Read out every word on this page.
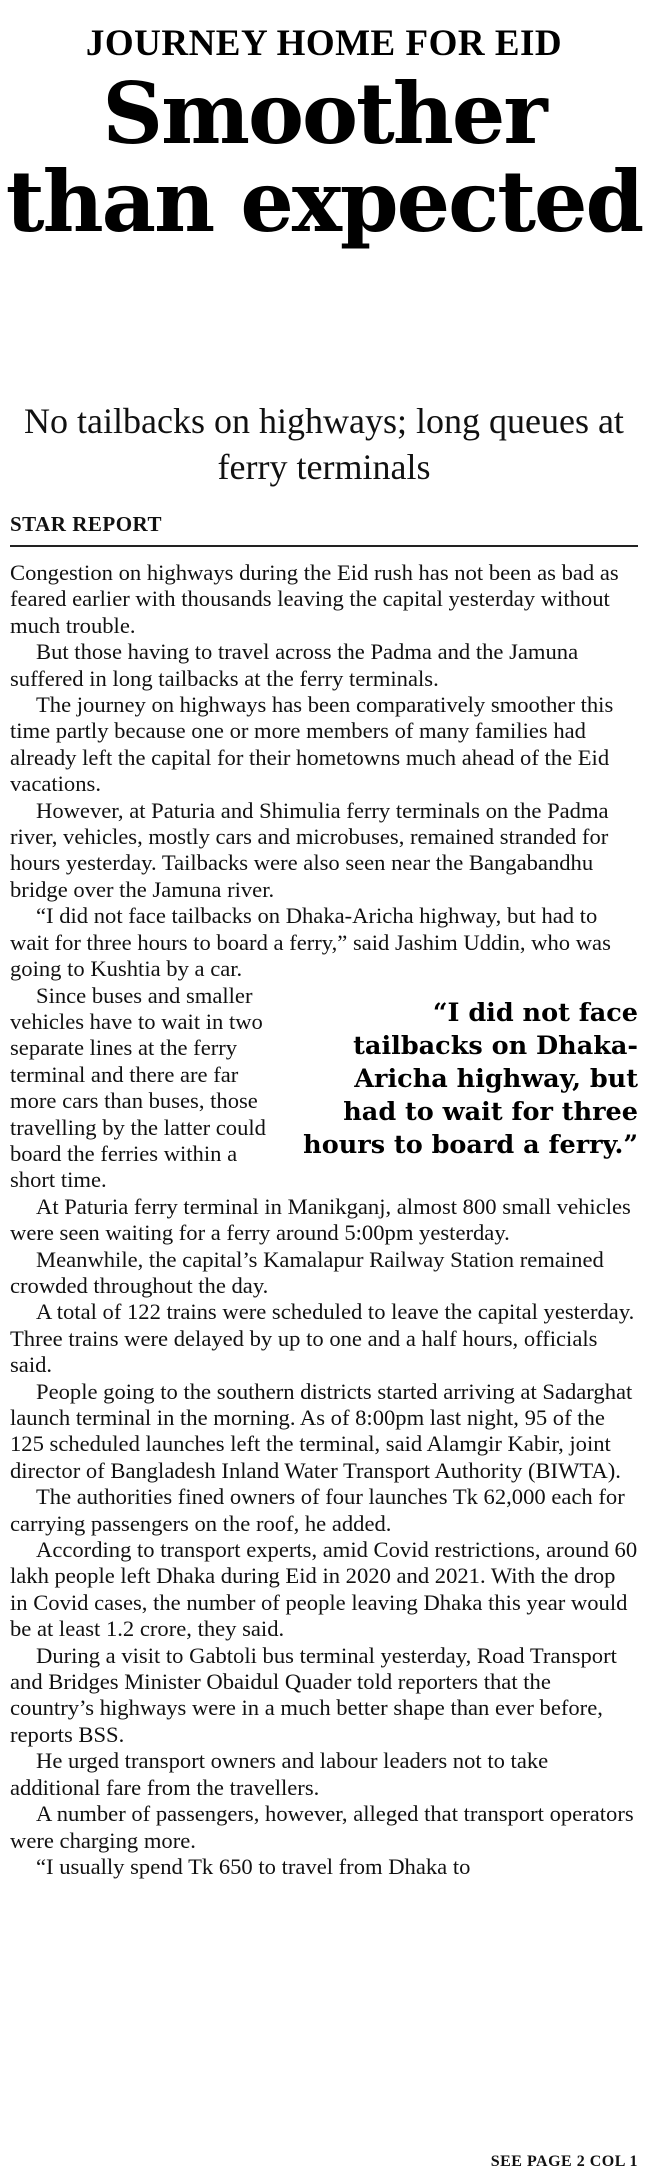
JOURNEY HOME FOR EID
Smoother than expected
No tailbacks on highways; long queues at ferry terminals
STAR REPORT

Congestion on highways during the Eid rush has not been as bad as feared earlier with thousands leaving the capital yesterday without much trouble.

But those having to travel across the Padma and the Jamuna suffered in long tailbacks at the ferry terminals.

The journey on highways has been comparatively smoother this time partly because one or more members of many families had already left the capital for their hometowns much ahead of the Eid vacations.

However, at Paturia and Shimulia ferry terminals on the Padma river, vehicles, mostly cars and microbuses, remained stranded for hours yesterday. Tailbacks were also seen near the Bangabandhu bridge over the Jamuna river.

“I did not face tailbacks on Dhaka-Aricha highway, but had to wait for three hours to board a ferry,” said Jashim Uddin, who was going to Kushtia by a car.

“I did not face tailbacks on Dhaka-Aricha highway, but had to wait for three hours to board a ferry.”

Since buses and smaller vehicles have to wait in two separate lines at the ferry terminal and there are far more cars than buses, those travelling by the latter could board the ferries within a short time.

At Paturia ferry terminal in Manikganj, almost 800 small vehicles were seen waiting for a ferry around 5:00pm yesterday.

Meanwhile, the capital’s Kamalapur Railway Station remained crowded throughout the day.

A total of 122 trains were scheduled to leave the capital yesterday. Three trains were delayed by up to one and a half hours, officials said.

People going to the southern districts started arriving at Sadarghat launch terminal in the morning. As of 8:00pm last night, 95 of the 125 scheduled launches left the terminal, said Alamgir Kabir, joint director of Bangladesh Inland Water Transport Authority (BIWTA).

The authorities fined owners of four launches Tk 62,000 each for carrying passengers on the roof, he added.

According to transport experts, amid Covid restrictions, around 60 lakh people left Dhaka during Eid in 2020 and 2021. With the drop in Covid cases, the number of people leaving Dhaka this year would be at least 1.2 crore, they said.

During a visit to Gabtoli bus terminal yesterday, Road Transport and Bridges Minister Obaidul Quader told reporters that the country’s highways were in a much better shape than ever before, reports BSS.

He urged transport owners and labour leaders not to take additional fare from the travellers.

A number of passengers, however, alleged that transport operators were charging more.

“I usually spend Tk 650 to travel from Dhaka to

SEE PAGE 2 COL 1
